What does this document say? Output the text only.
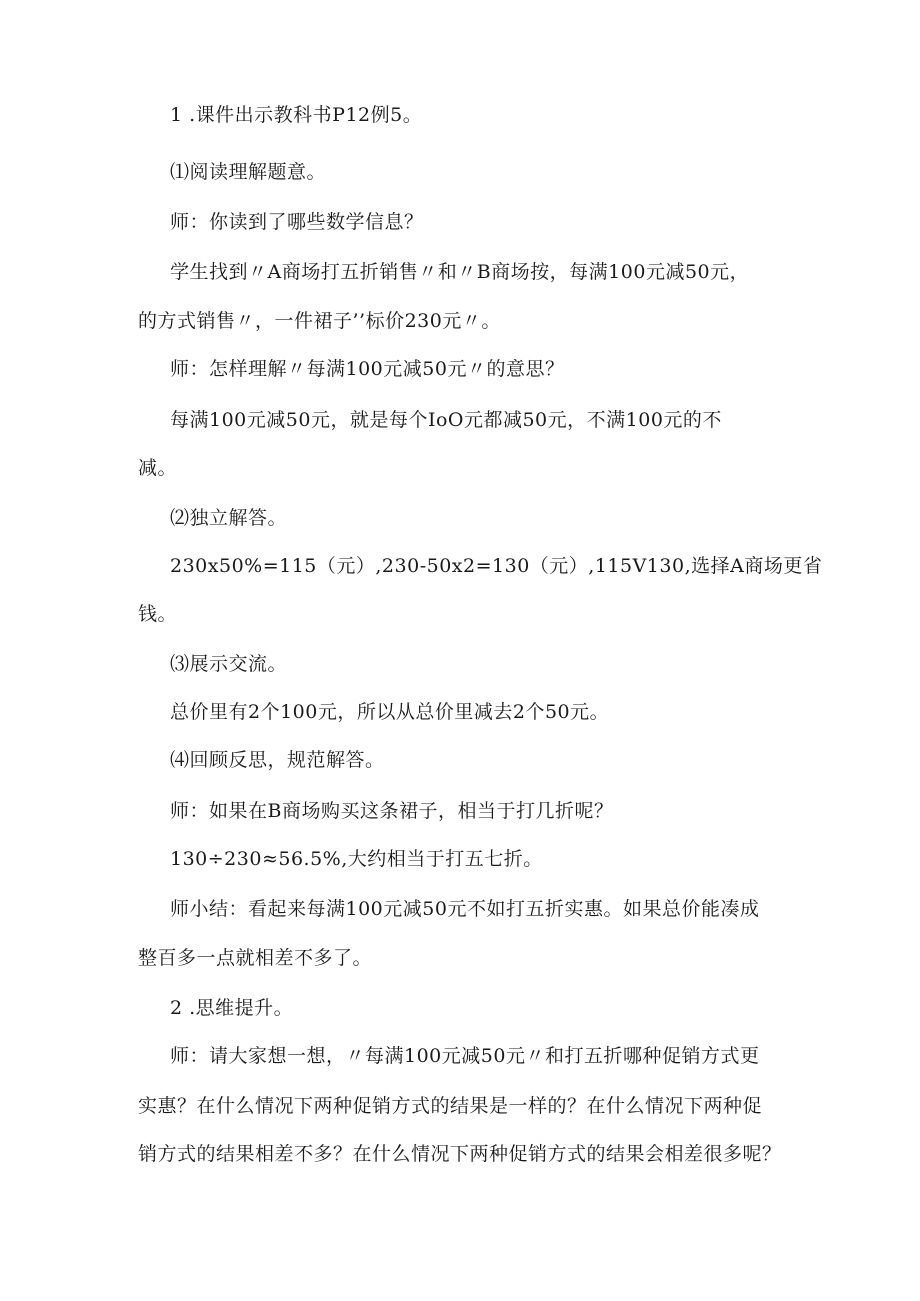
1 .课件出示教科书P12例5。
⑴阅读理解题意。
师：你读到了哪些数学信息？
学生找到〃A商场打五折销售〃和〃B商场按，每满100元减50元，
的方式销售〃，一件裙子’’标价230元〃。
师：怎样理解〃每满100元减50元〃的意思？
每满100元减50元，就是每个IoO元都减50元，不满100元的不
减。
⑵独立解答。
230x50%=115（元）,230-50x2=130（元）,115V130,选择A商场更省
钱。
⑶展示交流。
总价里有2个100元，所以从总价里减去2个50元。
⑷回顾反思，规范解答。
师：如果在B商场购买这条裙子，相当于打几折呢？
130÷230≈56.5%,大约相当于打五七折。
师小结：看起来每满100元减50元不如打五折实惠。如果总价能凑成
整百多一点就相差不多了。
2 .思维提升。
师：请大家想一想，〃每满100元减50元〃和打五折哪种促销方式更
实惠？在什么情况下两种促销方式的结果是一样的？在什么情况下两种促
销方式的结果相差不多？在什么情况下两种促销方式的结果会相差很多呢？
